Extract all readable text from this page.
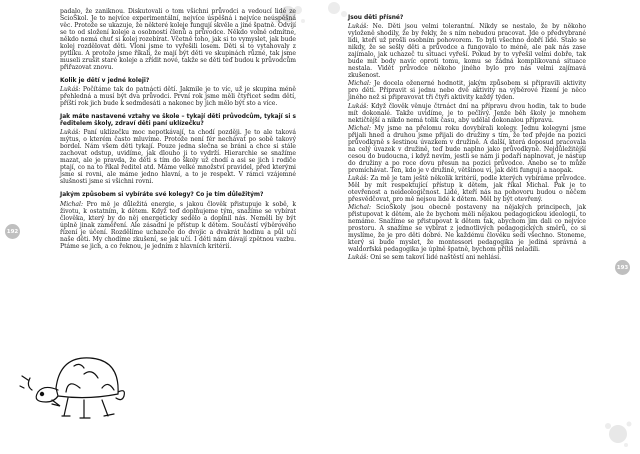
padalo, že zaniknou. Diskutovali o tom všichni průvodci a vedoucí lidé ze ScioŠkol. Je to nejvíce experimentální, nejvíce úspěšná i nejvíce neúspěšná věc. Protože se ukazuje, že některé koleje fungují skvěle a jiné špatně. Odvíjí se to od složení koleje a osobností členů a průvodce. Někdo volně odmítne, někdo nemá chuť si kolej rozebírat. Včetně toho, jak si to vymyslet, jak bude kolej rozdělovat děti. Vloni jsme to vyřešili losem. Děti si to vytahovaly z pytlíku. A protože jsme říkali, že mají být děti ve skupinách různé, tak jsme museli zrušit staré koleje a zřídit nové, takže se děti teď budou k průvodcům přiřazovat znovu.

Kolik je dětí v jedné koleji?

Lukáš: Počítáme tak do patnácti dětí. Jakmile je to víc, už je skupina méně přehledná a musí být dva průvodci. První rok jsme měli čtyřicet sedm dětí, příští rok jich bude k sedmdesáti a nakonec by jich mělo být sto a více.

Jak máte nastavené vztahy ve škole – tykají děti průvodcům, tykají si s ředitelem školy, zdraví děti paní uklízečku?

Lukáš: Paní uklízečku moc nepotkávají, ta chodí později. Je to ale taková mýtus, o kterém často mluvíme. Protože není fér nechávat po sobě takový bordel. Nám všem děti tykají. Pouze jedna slečna se bráni a chce si stále zachovat odstup, uvidíme, jak dlouho ji to vydrží. Hierarchie se snažíme mazat, ale je pravda, že děti s tím do školy už chodí a asi se jich i rodiče ptají, co na to říkal ředitel atd. Máme velké množství pravidel, před kterými jsme si rovni, ale máme jedno hlavní, a to je respekt. V rámci vzájemné slušnosti jsme si všichni rovni.

Jakým způsobem si vybíráte své kolegy? Co je tím důležitým?

Michal: Pro mě je důležitá energie, s jakou člověk přistupuje k sobě, k životu, k ostatním, k dětem. Když teď doplňujeme tým, snažíme se vybírat člověka, který by do něj energeticky sedělo a doplnil nás. Neměli by být úplně jinak zaměření. Ale zásadní je přístup k dětem. Součástí výběrového řízení je účení. Rozdělíme uchazeče do dvojic a dvakrát hodinu a půl učí naše děti. My chodíme zkušení, se jak učí. I děti nám dávají zpětnou vazbu. Ptáme se jich, a co řeknou, je jedním z hlavních kritérií.

192

Jsou děti přísné?

Lukáš: Ne. Děti jsou velmi tolerantní. Nikdy se nestalo, že by někoho vyloženě shodily, že by řekly, že s ním nebudou pracovat. Jde o předvybrané lidi, kteří už prošli osobním pohovorem. To byli všechno dobří lidé. Stalo se nikdy, že se sešly děti a průvodce a fungovalo to méně, ale pak nás zase zajímalo, jak uchazeč tu situaci vyřeší. Pokud by to vyřešil velmi dobře, tak bude mít body navíc oproti tomu, komu se žádná komplikovaná situace nestala. Vidět průvodce někoho jiného bylo pro nás velmi zajímavá zkušenost.

Michal: Je docela oženerné hodnotit, jakým způsobem si připravili aktivity pro děti. Připravit si jednu nebo dvě aktivity na výběrové řízení je něco jiného než si připravovat tři čtyři aktivity každý týden.

Lukáš: Když člověk věnuje čtrnáct dní na přípravu dvou hodin, tak to bude mít dokonalé. Takže uvidíme, je to pečlivý. Jenže běh školy je mnohem nektičtější a nikdo nemá tolik času, aby udělal dokonalou přípravu.

Michal: My jsme na přelomu roku dovybírali kolegy. Jednu kolegyni jsme přijali hned a druhou jsme přijali do družiny s tím, že teď přejde na pozici průvodkyně s šestinou úvazkem v družině. A další, která doposud pracovala na celý úvazek v družině, teď bude naplno jako průvodkyně. Nejdůležitější cesou do budoucna, i když nevím, jestli se nám ji podaří naplnovat, je nástup do družiny a po roce dovu přesun na pozici průvodce. Anebo se to může promíchávat. Ten, kdo je v družině, většinou ví, jak děti fungují a naopak.

Lukáš: Za mě je tam ještě několik kritérií, podle kterých vybíráme průvodce. Měl by mít respektující přístup k dětem, jak říkal Michal. Pak je to otevřenost a neideologičnost. Lidé, kteří nás na pohovoru budou o něčem přesvědčovat, pro mě nejsou lidé k dětem. Měl by být otevřený.

Michal: ScioŠkoly jsou obecně postaveny na nějakých principech, jak přistupovat k dětem, ale že bychom měli nějakou pedagogickou ideologii, to nemáme. Snažíme se přistupovat k dětem tak, abychom jim dali co nejvíce prostoru. A snažíme se vybírat z jednotlivých pedagogických směrů, co si myslíme, že je pro děti dobré. Ne každému člověku sedí všechno. Stoneme, který si bude myslet, že montessori pedagogika je jediná správná a waldorfská pedagogika je úplně špatně, bychom příliš neladili.

Lukáš: Oni se sem takoví lidé naštěstí ani nehlásí.

193
